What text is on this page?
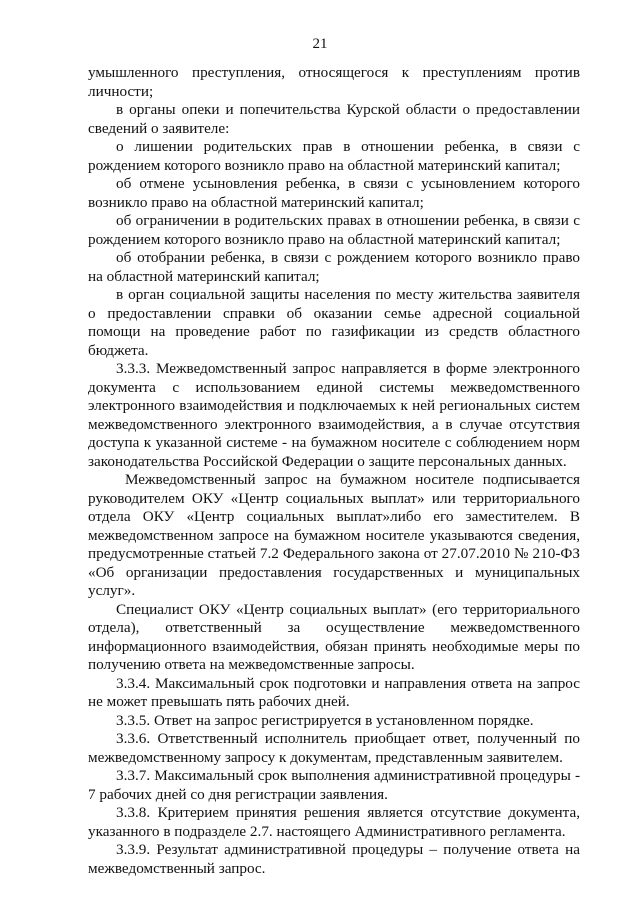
21

умышленного преступления, относящегося к преступлениям против личности;

в органы опеки и попечительства Курской области о предоставлении сведений о заявителе:

о лишении родительских прав в отношении ребенка, в связи с рождением которого возникло право на областной материнский капитал;

об отмене усыновления ребенка, в связи с усыновлением которого возникло право на областной материнский капитал;

об ограничении в родительских правах в отношении ребенка, в связи с рождением которого возникло право на областной материнский капитал;

об отобрании ребенка, в связи с рождением которого возникло право на областной материнский капитал;

в орган социальной защиты населения по месту жительства заявителя о предоставлении справки об оказании семье адресной социальной помощи на проведение работ по газификации из средств областного бюджета.

3.3.3. Межведомственный запрос направляется в форме электронного документа с использованием единой системы межведомственного электронного взаимодействия и подключаемых к ней региональных систем межведомственного электронного взаимодействия, а в случае отсутствия доступа к указанной системе - на бумажном носителе с соблюдением норм законодательства Российской Федерации о защите персональных данных.

Межведомственный запрос на бумажном носителе подписывается руководителем ОКУ «Центр социальных выплат» или территориального отдела ОКУ «Центр социальных выплат»либо его заместителем. В межведомственном запросе на бумажном носителе указываются сведения, предусмотренные статьей 7.2 Федерального закона от 27.07.2010 № 210-ФЗ «Об организации предоставления государственных и муниципальных услуг».

Специалист ОКУ «Центр социальных выплат» (его территориального отдела), ответственный за осуществление межведомственного информационного взаимодействия, обязан принять необходимые меры по получению ответа на межведомственные запросы.

3.3.4. Максимальный срок подготовки и направления ответа на запрос не может превышать пять рабочих дней.

3.3.5. Ответ на запрос регистрируется в установленном порядке.

3.3.6. Ответственный исполнитель приобщает ответ, полученный по межведомственному запросу к документам, представленным заявителем.

3.3.7. Максимальный срок выполнения административной процедуры - 7 рабочих дней со дня регистрации заявления.

3.3.8. Критерием принятия решения является отсутствие документа, указанного в подразделе 2.7. настоящего Административного регламента.

3.3.9. Результат административной процедуры – получение ответа на межведомственный запрос.
